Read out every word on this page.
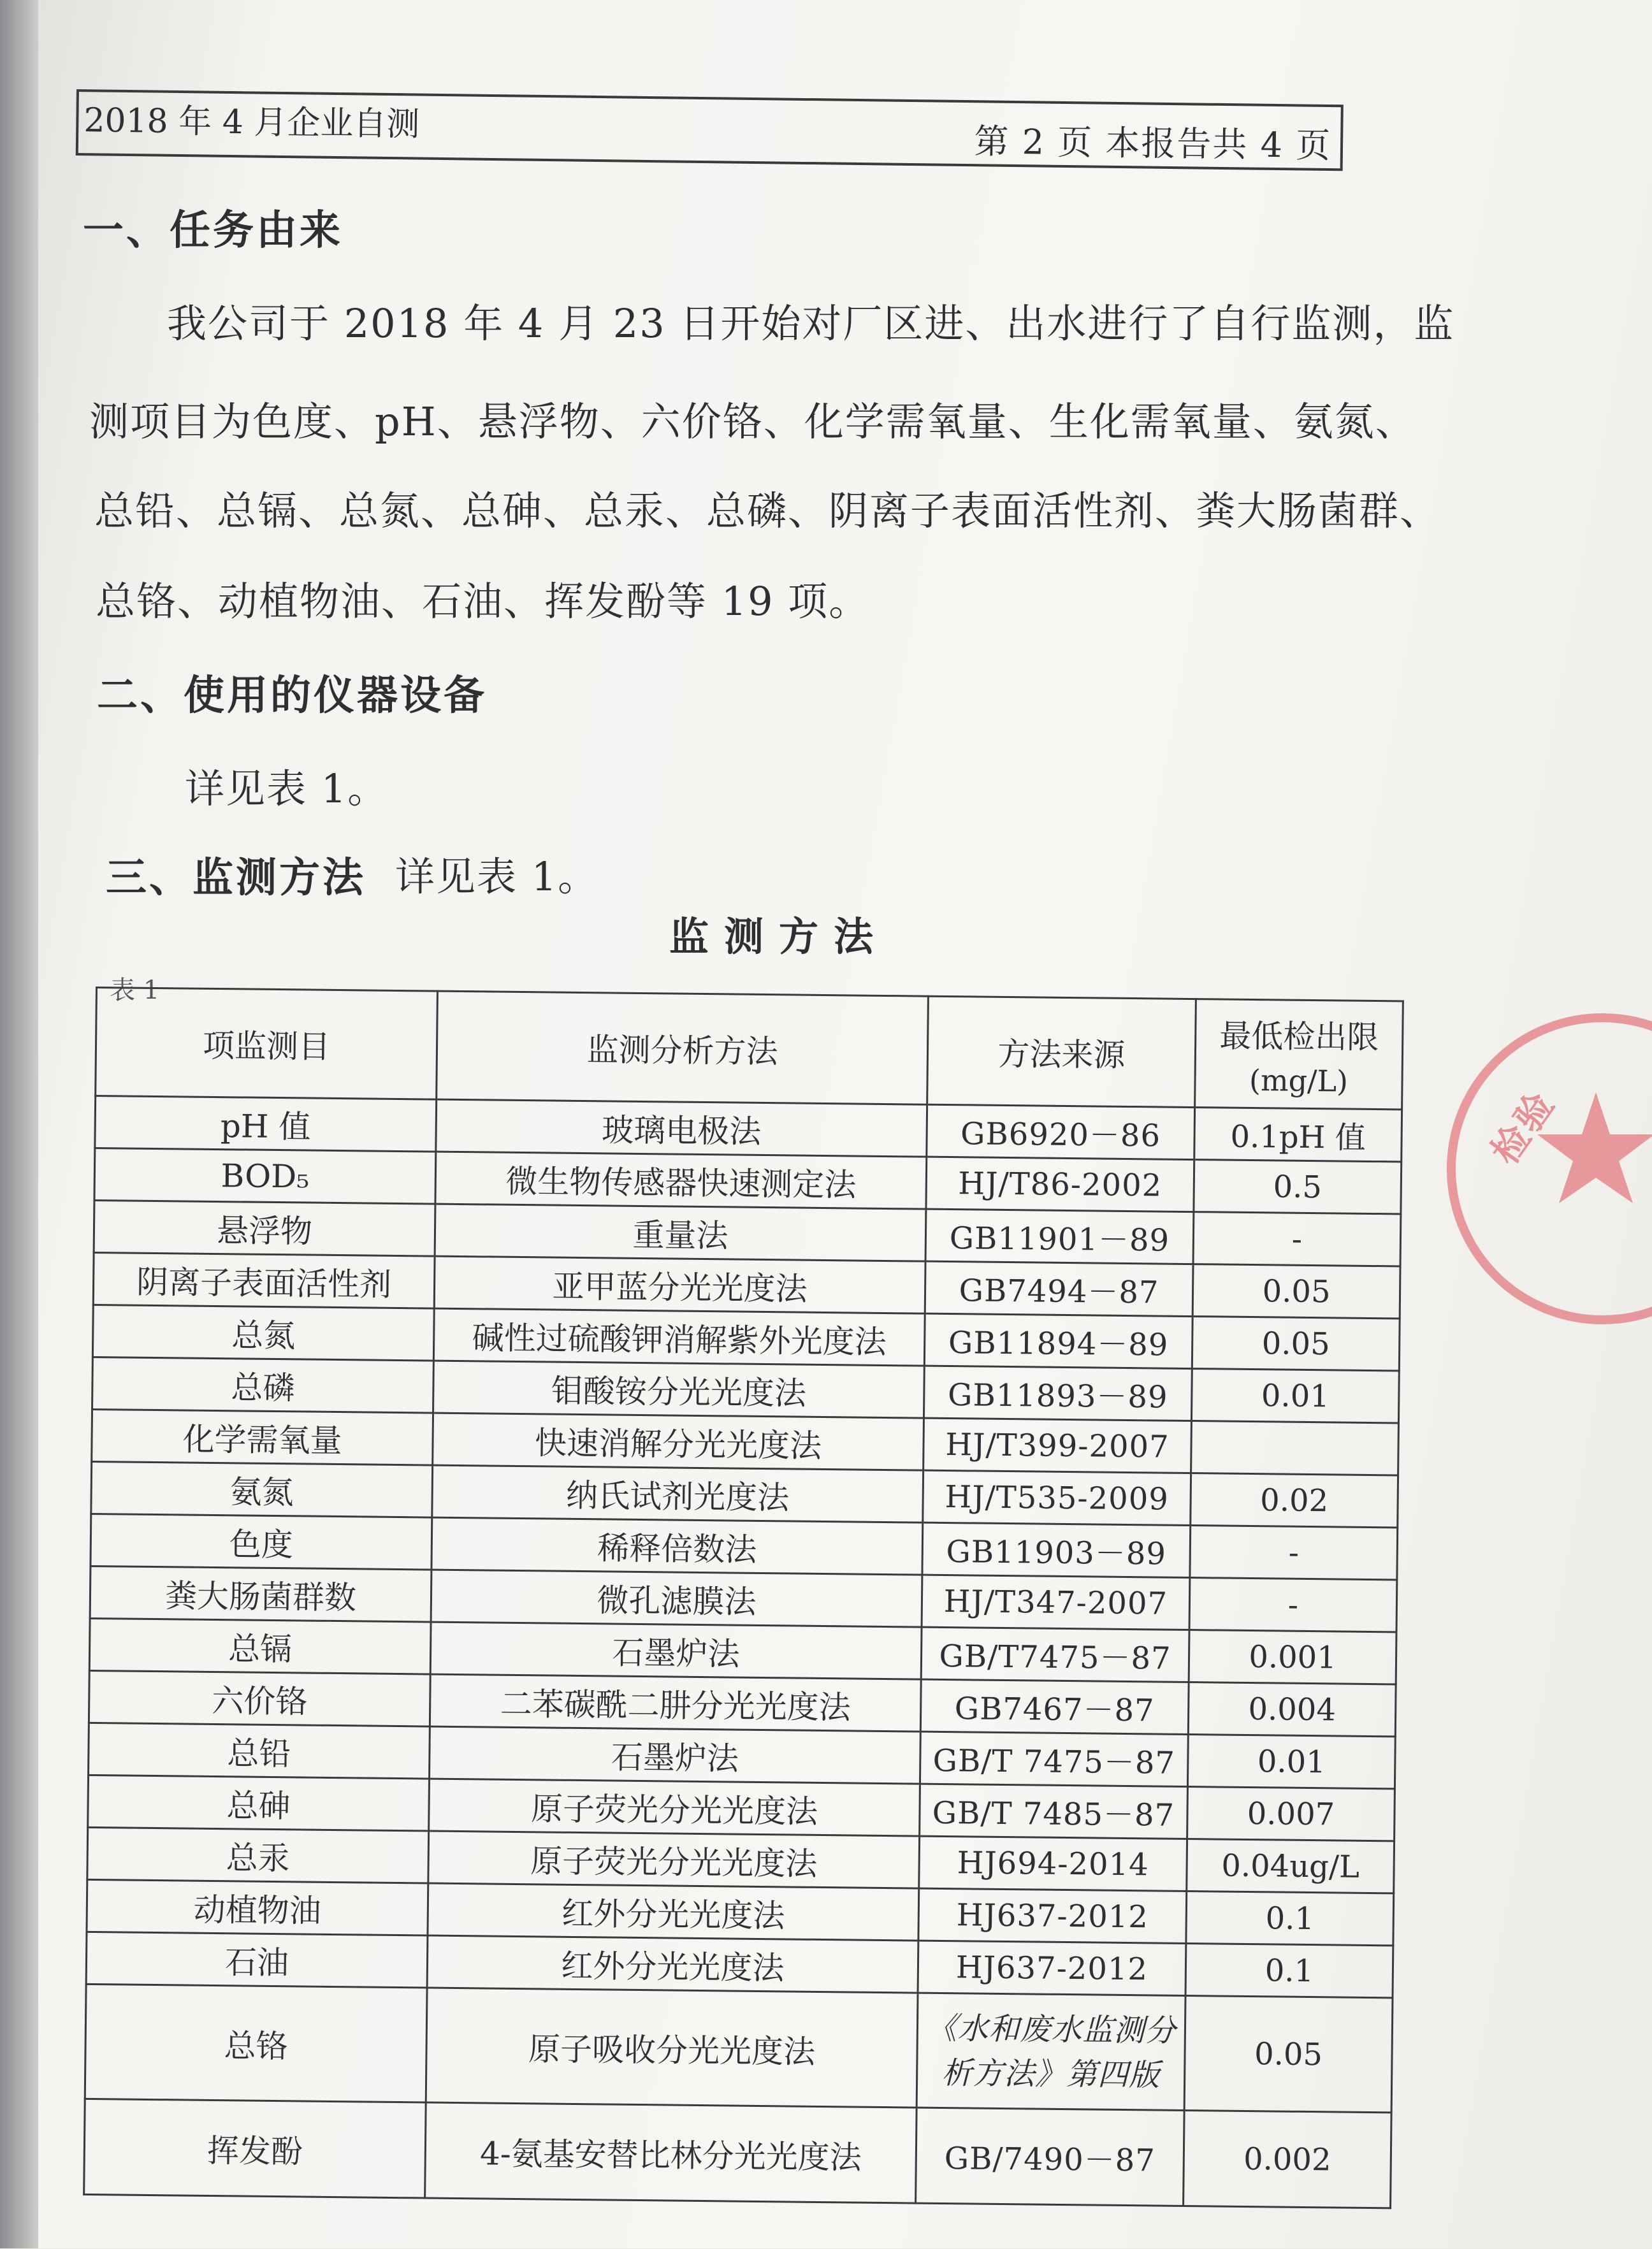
2018 年 4 月企业自测	第 2 页 本报告共 4 页
一、任务由来
我公司于 2018 年 4 月 23 日开始对厂区进、出水进行了自行监测，监
测项目为色度、pH、悬浮物、六价铬、化学需氧量、生化需氧量、氨氮、
总铅、总镉、总氮、总砷、总汞、总磷、阴离子表面活性剂、粪大肠菌群、
总铬、动植物油、石油、挥发酚等 19 项。
二、使用的仪器设备
详见表 1。
三、监测方法 详见表 1。
监测方法
表 1
项监测目	监测分析方法	方法来源	最低检出限
(mg/L)

pH 值	玻璃电极法	GB6920－86	0.1pH 值
BOD₅	微生物传感器快速测定法	HJ/T86-2002	0.5
悬浮物	重量法	GB11901－89	-
阴离子表面活性剂	亚甲蓝分光光度法	GB7494－87	0.05
总氮	碱性过硫酸钾消解紫外光度法	GB11894－89	0.05
总磷	钼酸铵分光光度法	GB11893－89	0.01
化学需氧量	快速消解分光光度法	HJ/T399-2007	
氨氮	纳氏试剂光度法	HJ/T535-2009	0.02
色度	稀释倍数法	GB11903－89	-
粪大肠菌群数	微孔滤膜法	HJ/T347-2007	-
总镉	石墨炉法	GB/T7475－87	0.001
六价铬	二苯碳酰二肼分光光度法	GB7467－87	0.004
总铅	石墨炉法	GB/T 7475－87	0.01
总砷	原子荧光分光光度法	GB/T 7485－87	0.007
总汞	原子荧光分光光度法	HJ694-2014	0.04ug/L
动植物油	红外分光光度法	HJ637-2012	0.1
石油	红外分光光度法	HJ637-2012	0.1
总铬	原子吸收分光光度法	《水和废水监测分析方法》第四版	0.05
挥发酚	4-氨基安替比林分光光度法	GB/7490－87	0.002
检验
